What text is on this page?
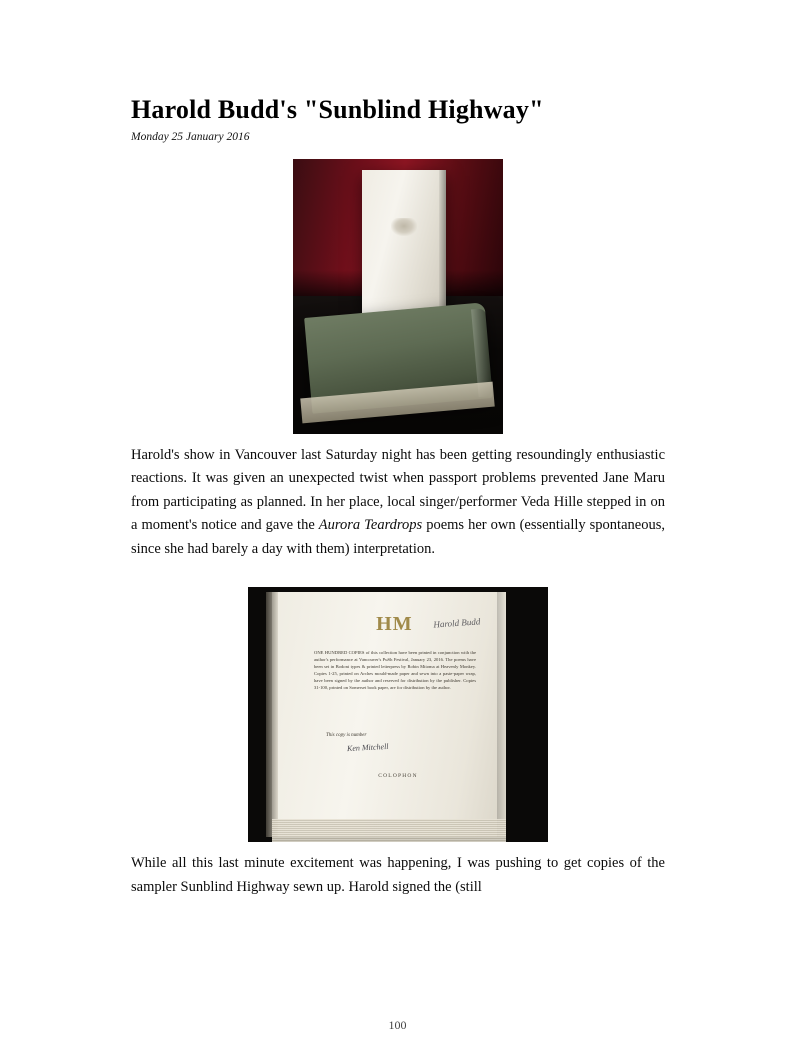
Harold Budd's "Sunblind Highway"
Monday 25 January 2016

Harold's show in Vancouver last Saturday night has been getting resoundingly enthusiastic reactions. It was given an unexpected twist when passport problems prevented Jane Maru from participating as planned. In her place, local singer/performer Veda Hille stepped in on a moment's notice and gave the Aurora Teardrops poems her own (essentially spontaneous, since she had barely a day with them) interpretation.

HM	Harold Budd
ONE HUNDRED COPIES of this collection have been printed in conjunction with the author's performance at Vancouver's PuSh Festival, January 23, 2016. The poems have been set in Bodoni types & printed letterpress by Robin Mitoma at Heavenly Monkey. Copies 1-25, printed on Arches mould-made paper and sewn into a paste-paper wrap, have been signed by the author and reserved for distribution by the publisher. Copies 31-100, printed on Somerset book paper, are for distribution by the author.
This copy is number
Ken Mitchell
COLOPHON

While all this last minute excitement was happening, I was pushing to get copies of the sampler Sunblind Highway sewn up. Harold signed the (still

100
